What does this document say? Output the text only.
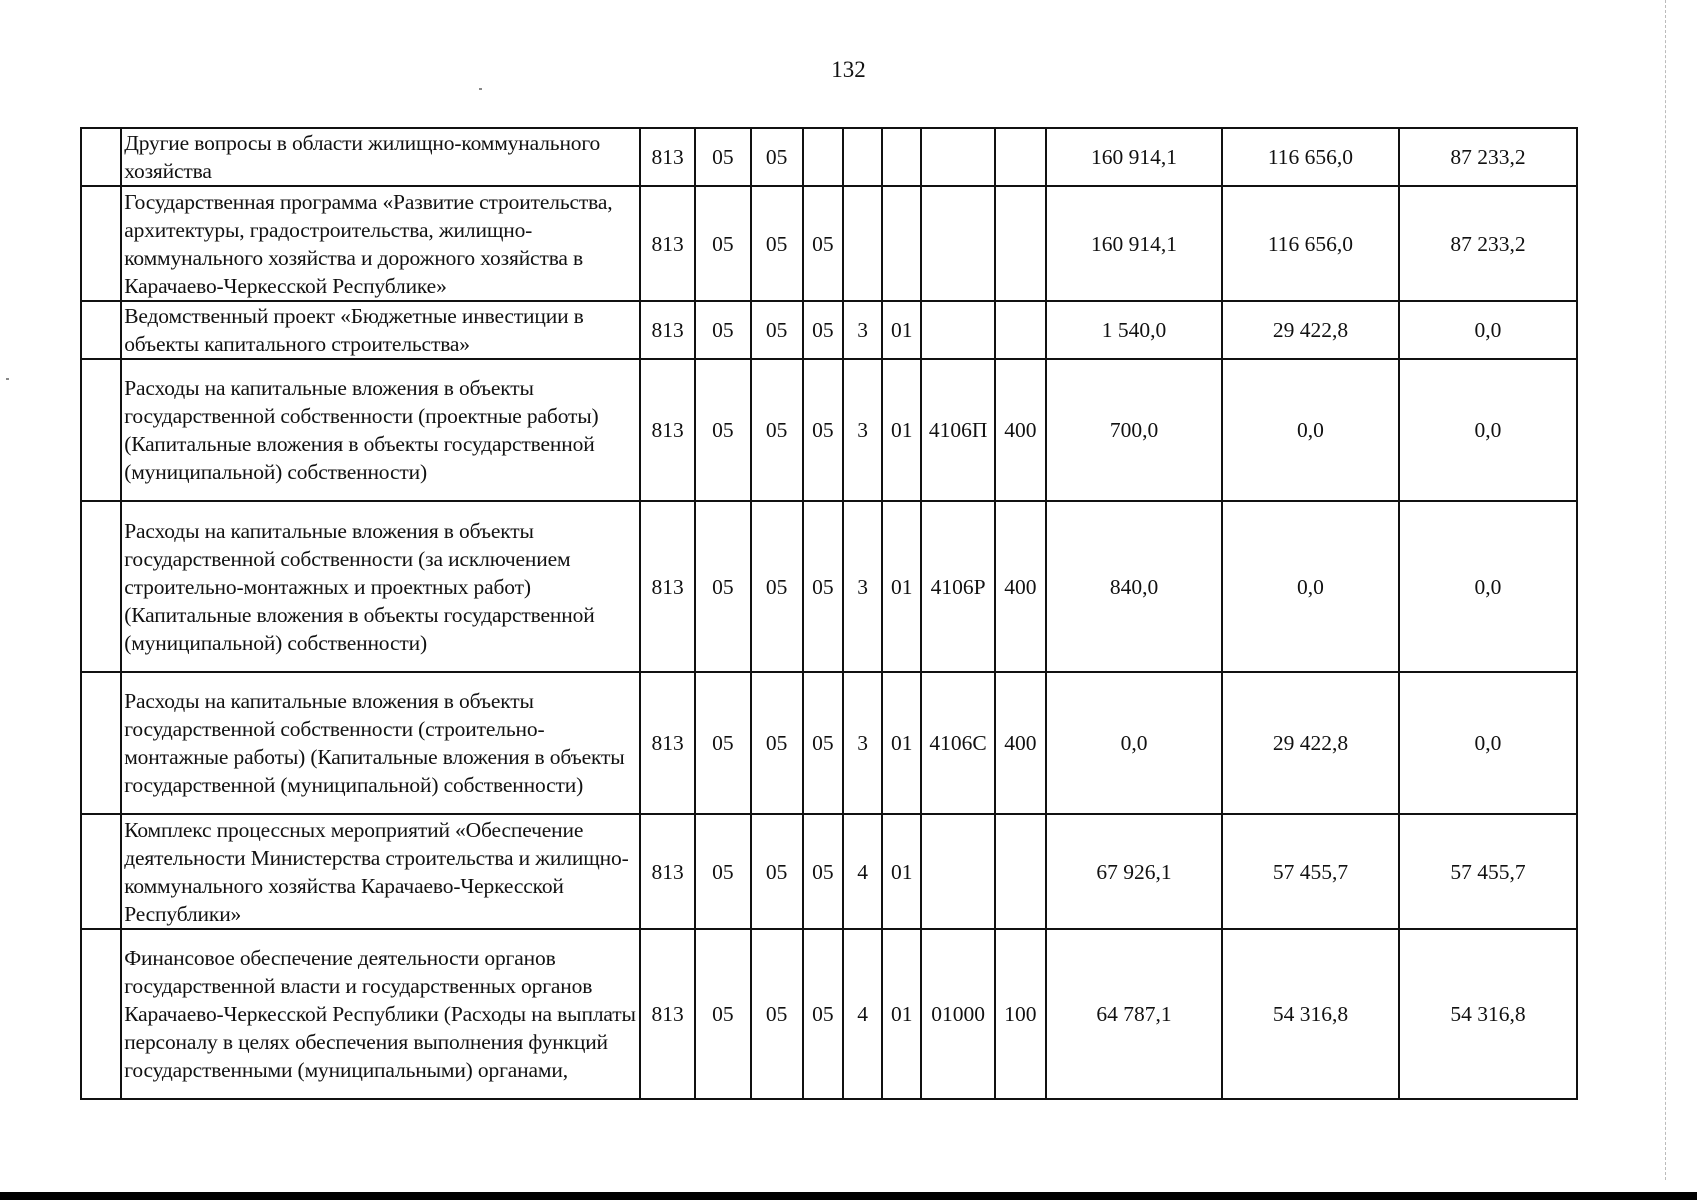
132
	Другие вопросы в области жилищно-коммунального хозяйства	813	05	05						160 914,1	116 656,0	87 233,2
	Государственная программа «Развитие строительства, архитектуры, градостроительства, жилищно-коммунального хозяйства и дорожного хозяйства в Карачаево-Черкесской Республике»	813	05	05	05					160 914,1	116 656,0	87 233,2
	Ведомственный проект «Бюджетные инвестиции в объекты капитального строительства»	813	05	05	05	3	01			1 540,0	29 422,8	0,0
	Расходы на капитальные вложения в объекты государственной собственности (проектные работы) (Капитальные вложения в объекты государственной (муниципальной) собственности)	813	05	05	05	3	01	4106П	400	700,0	0,0	0,0
	Расходы на капитальные вложения в объекты государственной собственности (за исключением строительно-монтажных и проектных работ) (Капитальные вложения в объекты государственной (муниципальной) собственности)	813	05	05	05	3	01	4106Р	400	840,0	0,0	0,0
	Расходы на капитальные вложения в объекты государственной собственности (строительно-монтажные работы) (Капитальные вложения в объекты государственной (муниципальной) собственности)	813	05	05	05	3	01	4106С	400	0,0	29 422,8	0,0
	Комплекс процессных мероприятий «Обеспечение деятельности Министерства строительства и жилищно-коммунального хозяйства Карачаево-Черкесской Республики»	813	05	05	05	4	01			67 926,1	57 455,7	57 455,7
	Финансовое обеспечение деятельности органов государственной власти и государственных органов Карачаево-Черкесской Республики (Расходы на выплаты персоналу в целях обеспечения выполнения функций государственными (муниципальными) органами,	813	05	05	05	4	01	01000	100	64 787,1	54 316,8	54 316,8
